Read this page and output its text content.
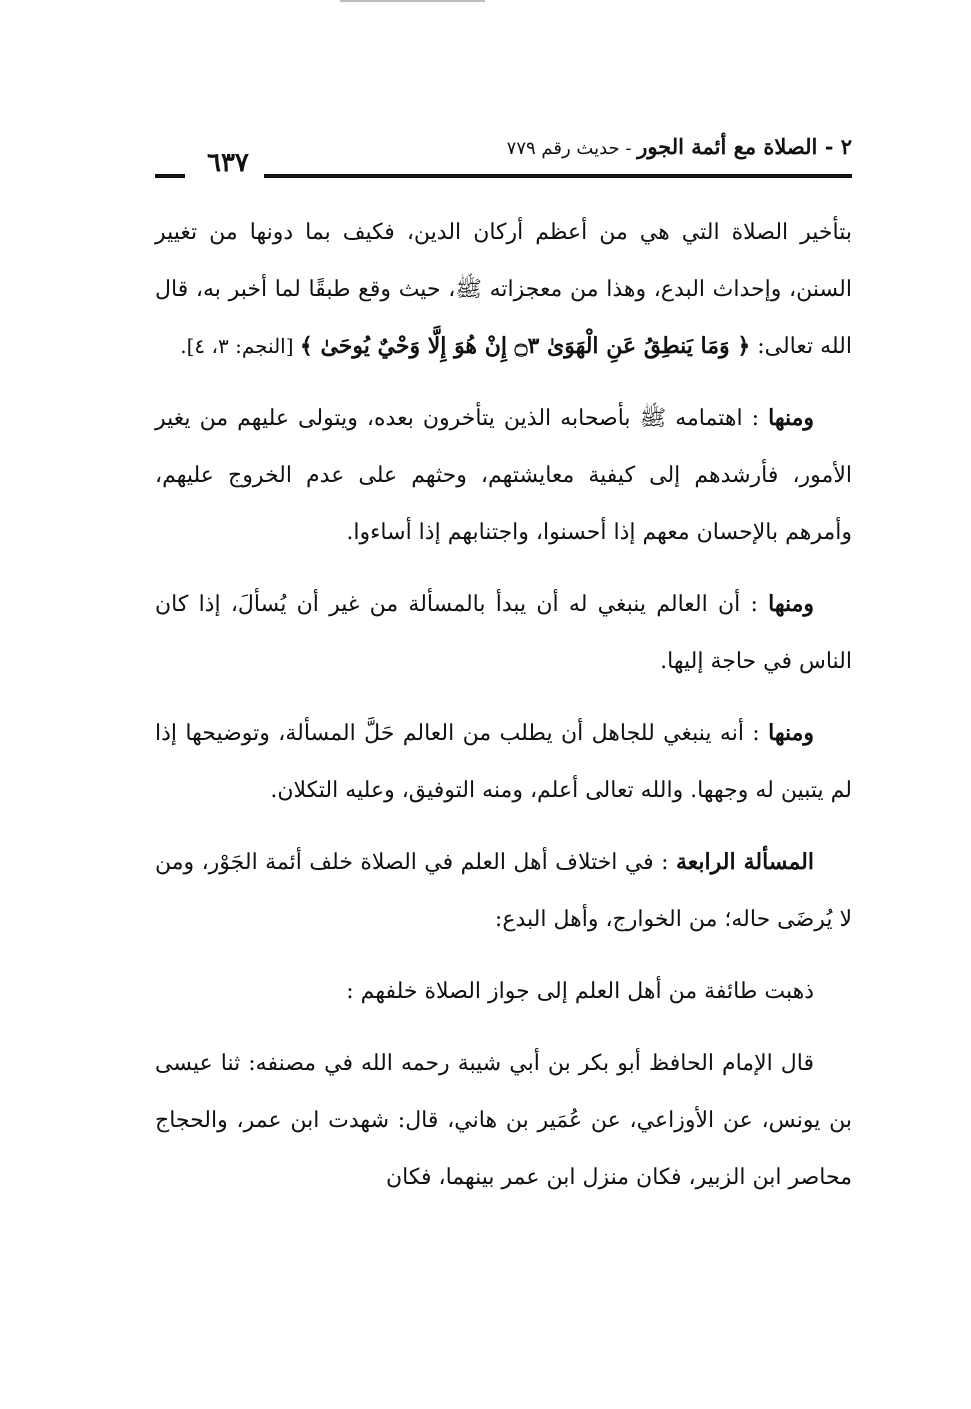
٢ - الصلاة مع أئمة الجور - حديث رقم ٧٧٩
٦٣٧

بتأخير الصلاة التي هي من أعظم أركان الدين، فكيف بما دونها من تغيير السنن، وإحداث البدع، وهذا من معجزاته ﷺ، حيث وقع طبقًا لما أخبر به، قال الله تعالى: ﴿ وَمَا يَنطِقُ عَنِ الْهَوَىٰ ۝٣ إِنْ هُوَ إِلَّا وَحْيٌ يُوحَىٰ ﴾ [النجم: ٣، ٤].

ومنها : اهتمامه ﷺ بأصحابه الذين يتأخرون بعده، ويتولى عليهم من يغير الأمور، فأرشدهم إلى كيفية معايشتهم، وحثهم على عدم الخروج عليهم، وأمرهم بالإحسان معهم إذا أحسنوا، واجتنابهم إذا أساءوا.

ومنها : أن العالم ينبغي له أن يبدأ بالمسألة من غير أن يُسألَ، إذا كان الناس في حاجة إليها.

ومنها : أنه ينبغي للجاهل أن يطلب من العالم حَلَّ المسألة، وتوضيحها إذا لم يتبين له وجهها. والله تعالى أعلم، ومنه التوفيق، وعليه التكلان.

المسألة الرابعة : في اختلاف أهل العلم في الصلاة خلف أئمة الجَوْر، ومن لا يُرضَى حاله؛ من الخوارج، وأهل البدع:

ذهبت طائفة من أهل العلم إلى جواز الصلاة خلفهم :

قال الإمام الحافظ أبو بكر بن أبي شيبة رحمه الله في مصنفه: ثنا عيسى بن يونس، عن الأوزاعي، عن عُمَير بن هاني، قال: شهدت ابن عمر، والحجاج محاصر ابن الزبير، فكان منزل ابن عمر بينهما، فكان
